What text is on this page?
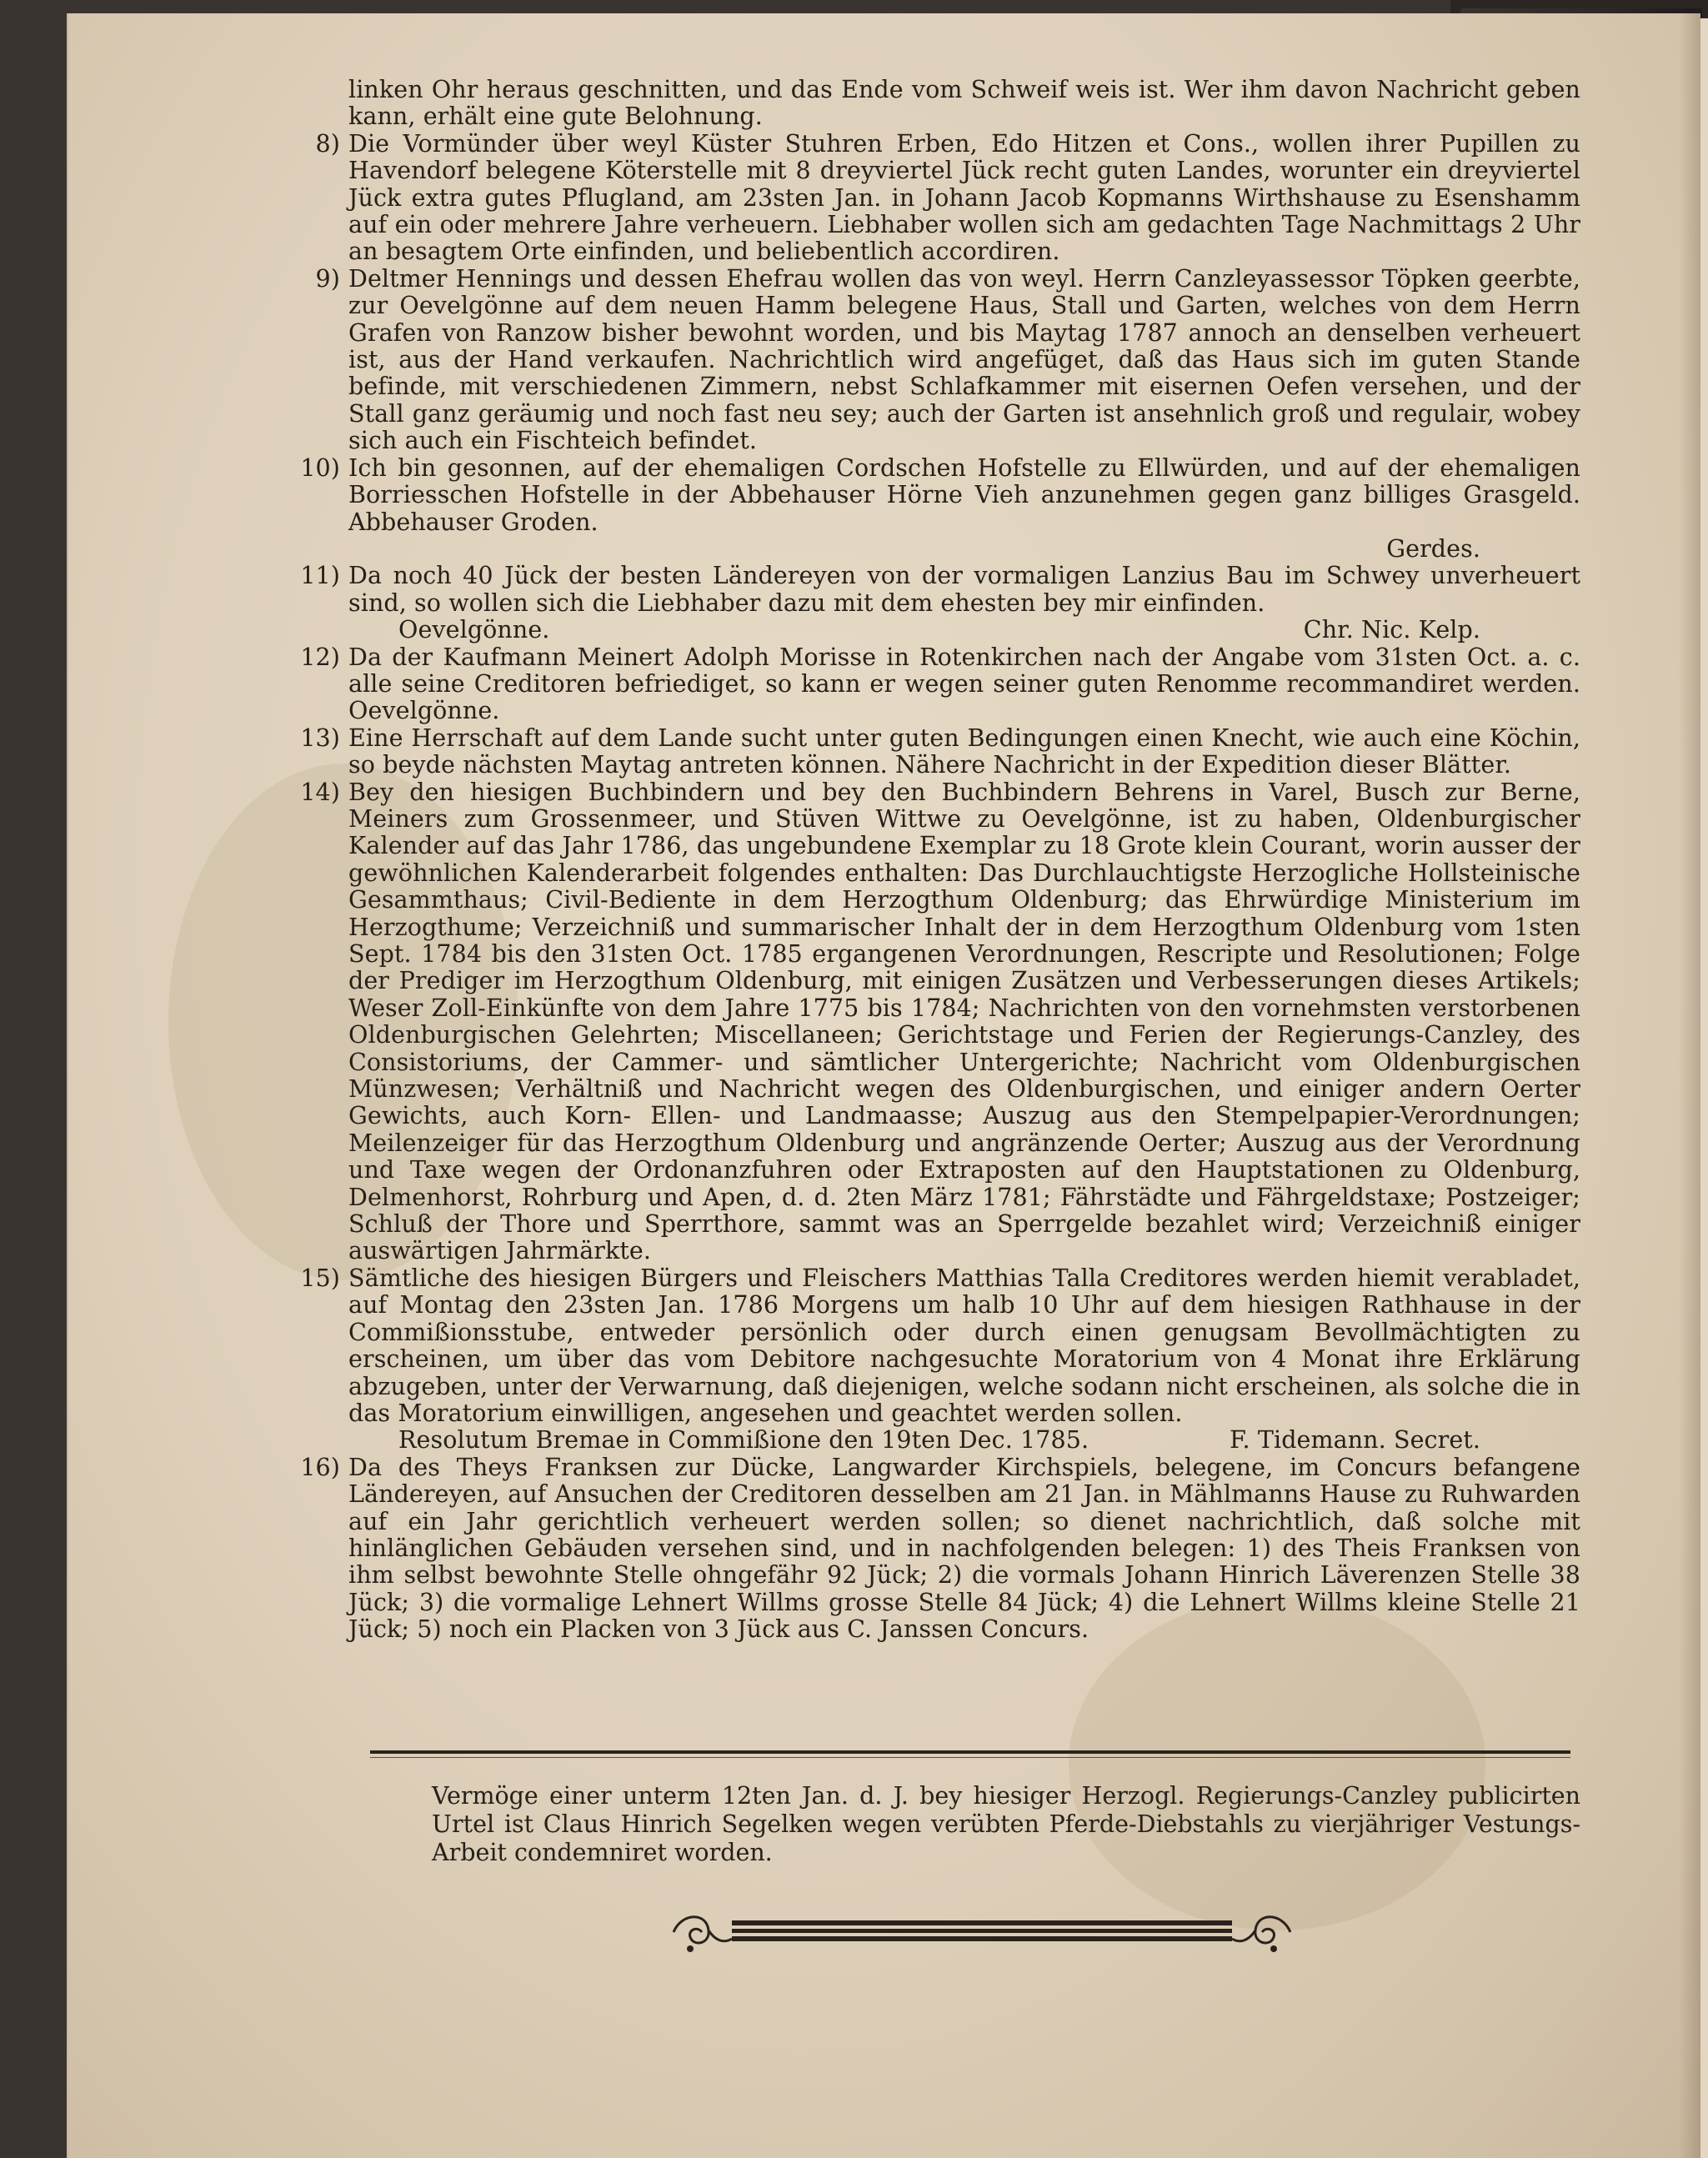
linken Ohr heraus geschnitten, und das Ende vom Schweif weis ist. Wer ihm davon Nachricht geben kann, erhält eine gute Belohnung.

8) Die Vormünder über weyl Küster Stuhren Erben, Edo Hitzen et Cons., wollen ihrer Pupillen zu Havendorf belegene Köterstelle mit 8 dreyviertel Jück recht guten Landes, worunter ein dreyviertel Jück extra gutes Pflugland, am 23sten Jan. in Johann Jacob Kopmanns Wirthshause zu Esenshamm auf ein oder mehrere Jahre verheuern. Liebhaber wollen sich am gedachten Tage Nachmittags 2 Uhr an besagtem Orte einfinden, und beliebentlich accordiren.

9) Deltmer Hennings und dessen Ehefrau wollen das von weyl. Herrn Canzleyassessor Töpken geerbte, zur Oevelgönne auf dem neuen Hamm belegene Haus, Stall und Garten, welches von dem Herrn Grafen von Ranzow bisher bewohnt worden, und bis Maytag 1787 annoch an denselben verheuert ist, aus der Hand verkaufen. Nachrichtlich wird angefüget, daß das Haus sich im guten Stande befinde, mit verschiedenen Zimmern, nebst Schlafkammer mit eisernen Oefen versehen, und der Stall ganz geräumig und noch fast neu sey; auch der Garten ist ansehnlich groß und regulair, wobey sich auch ein Fischteich befindet.

10) Ich bin gesonnen, auf der ehemaligen Cordschen Hofstelle zu Ellwürden, und auf der ehemaligen Borriesschen Hofstelle in der Abbehauser Hörne Vieh anzunehmen gegen ganz billiges Grasgeld. Abbehauser Groden.

Gerdes.
11) Da noch 40 Jück der besten Ländereyen von der vormaligen Lanzius Bau im Schwey unverheuert sind, so wollen sich die Liebhaber dazu mit dem ehesten bey mir einfinden.

Oevelgönne.	Chr. Nic. Kelp.
12) Da der Kaufmann Meinert Adolph Morisse in Rotenkirchen nach der Angabe vom 31sten Oct. a. c. alle seine Creditoren befriediget, so kann er wegen seiner guten Renomme recommandiret werden. Oevelgönne.

13) Eine Herrschaft auf dem Lande sucht unter guten Bedingungen einen Knecht, wie auch eine Köchin, so beyde nächsten Maytag antreten können. Nähere Nachricht in der Expedition dieser Blätter.

14) Bey den hiesigen Buchbindern und bey den Buchbindern Behrens in Varel, Busch zur Berne, Meiners zum Grossenmeer, und Stüven Wittwe zu Oevelgönne, ist zu haben, Oldenburgischer Kalender auf das Jahr 1786, das ungebundene Exemplar zu 18 Grote klein Courant, worin ausser der gewöhnlichen Kalenderarbeit folgendes enthalten: Das Durchlauchtigste Herzogliche Hollsteinische Gesammthaus; Civil-Bediente in dem Herzogthum Oldenburg; das Ehrwürdige Ministerium im Herzogthume; Verzeichniß und summarischer Inhalt der in dem Herzogthum Oldenburg vom 1sten Sept. 1784 bis den 31sten Oct. 1785 ergangenen Verordnungen, Rescripte und Resolutionen; Folge der Prediger im Herzogthum Oldenburg, mit einigen Zusätzen und Verbesserungen dieses Artikels; Weser Zoll-Einkünfte von dem Jahre 1775 bis 1784; Nachrichten von den vornehmsten verstorbenen Oldenburgischen Gelehrten; Miscellaneen; Gerichtstage und Ferien der Regierungs-Canzley, des Consistoriums, der Cammer- und sämtlicher Untergerichte; Nachricht vom Oldenburgischen Münzwesen; Verhältniß und Nachricht wegen des Oldenburgischen, und einiger andern Oerter Gewichts, auch Korn- Ellen- und Landmaasse; Auszug aus den Stempelpapier-Verordnungen; Meilenzeiger für das Herzogthum Oldenburg und angränzende Oerter; Auszug aus der Verordnung und Taxe wegen der Ordonanzfuhren oder Extraposten auf den Hauptstationen zu Oldenburg, Delmenhorst, Rohrburg und Apen, d. d. 2ten März 1781; Fährstädte und Fährgeldstaxe; Postzeiger; Schluß der Thore und Sperrthore, sammt was an Sperrgelde bezahlet wird; Verzeichniß einiger auswärtigen Jahrmärkte.

15) Sämtliche des hiesigen Bürgers und Fleischers Matthias Talla Creditores werden hiemit verabladet, auf Montag den 23sten Jan. 1786 Morgens um halb 10 Uhr auf dem hiesigen Rathhause in der Commißionsstube, entweder persönlich oder durch einen genugsam Bevollmächtigten zu erscheinen, um über das vom Debitore nachgesuchte Moratorium von 4 Monat ihre Erklärung abzugeben, unter der Verwarnung, daß diejenigen, welche sodann nicht erscheinen, als solche die in das Moratorium einwilligen, angesehen und geachtet werden sollen.

Resolutum Bremae in Commißione den 19ten Dec. 1785.	F. Tidemann. Secret.
16) Da des Theys Franksen zur Dücke, Langwarder Kirchspiels, belegene, im Concurs befangene Ländereyen, auf Ansuchen der Creditoren desselben am 21 Jan. in Mählmanns Hause zu Ruhwarden auf ein Jahr gerichtlich verheuert werden sollen; so dienet nachrichtlich, daß solche mit hinlänglichen Gebäuden versehen sind, und in nachfolgenden belegen: 1) des Theis Franksen von ihm selbst bewohnte Stelle ohngefähr 92 Jück; 2) die vormals Johann Hinrich Läverenzen Stelle 38 Jück; 3) die vormalige Lehnert Willms grosse Stelle 84 Jück; 4) die Lehnert Willms kleine Stelle 21 Jück; 5) noch ein Placken von 3 Jück aus C. Janssen Concurs.

Vermöge einer unterm 12ten Jan. d. J. bey hiesiger Herzogl. Regierungs-Canzley publicirten Urtel ist Claus Hinrich Segelken wegen verübten Pferde-Diebstahls zu vierjähriger Vestungs-Arbeit condemniret worden.
